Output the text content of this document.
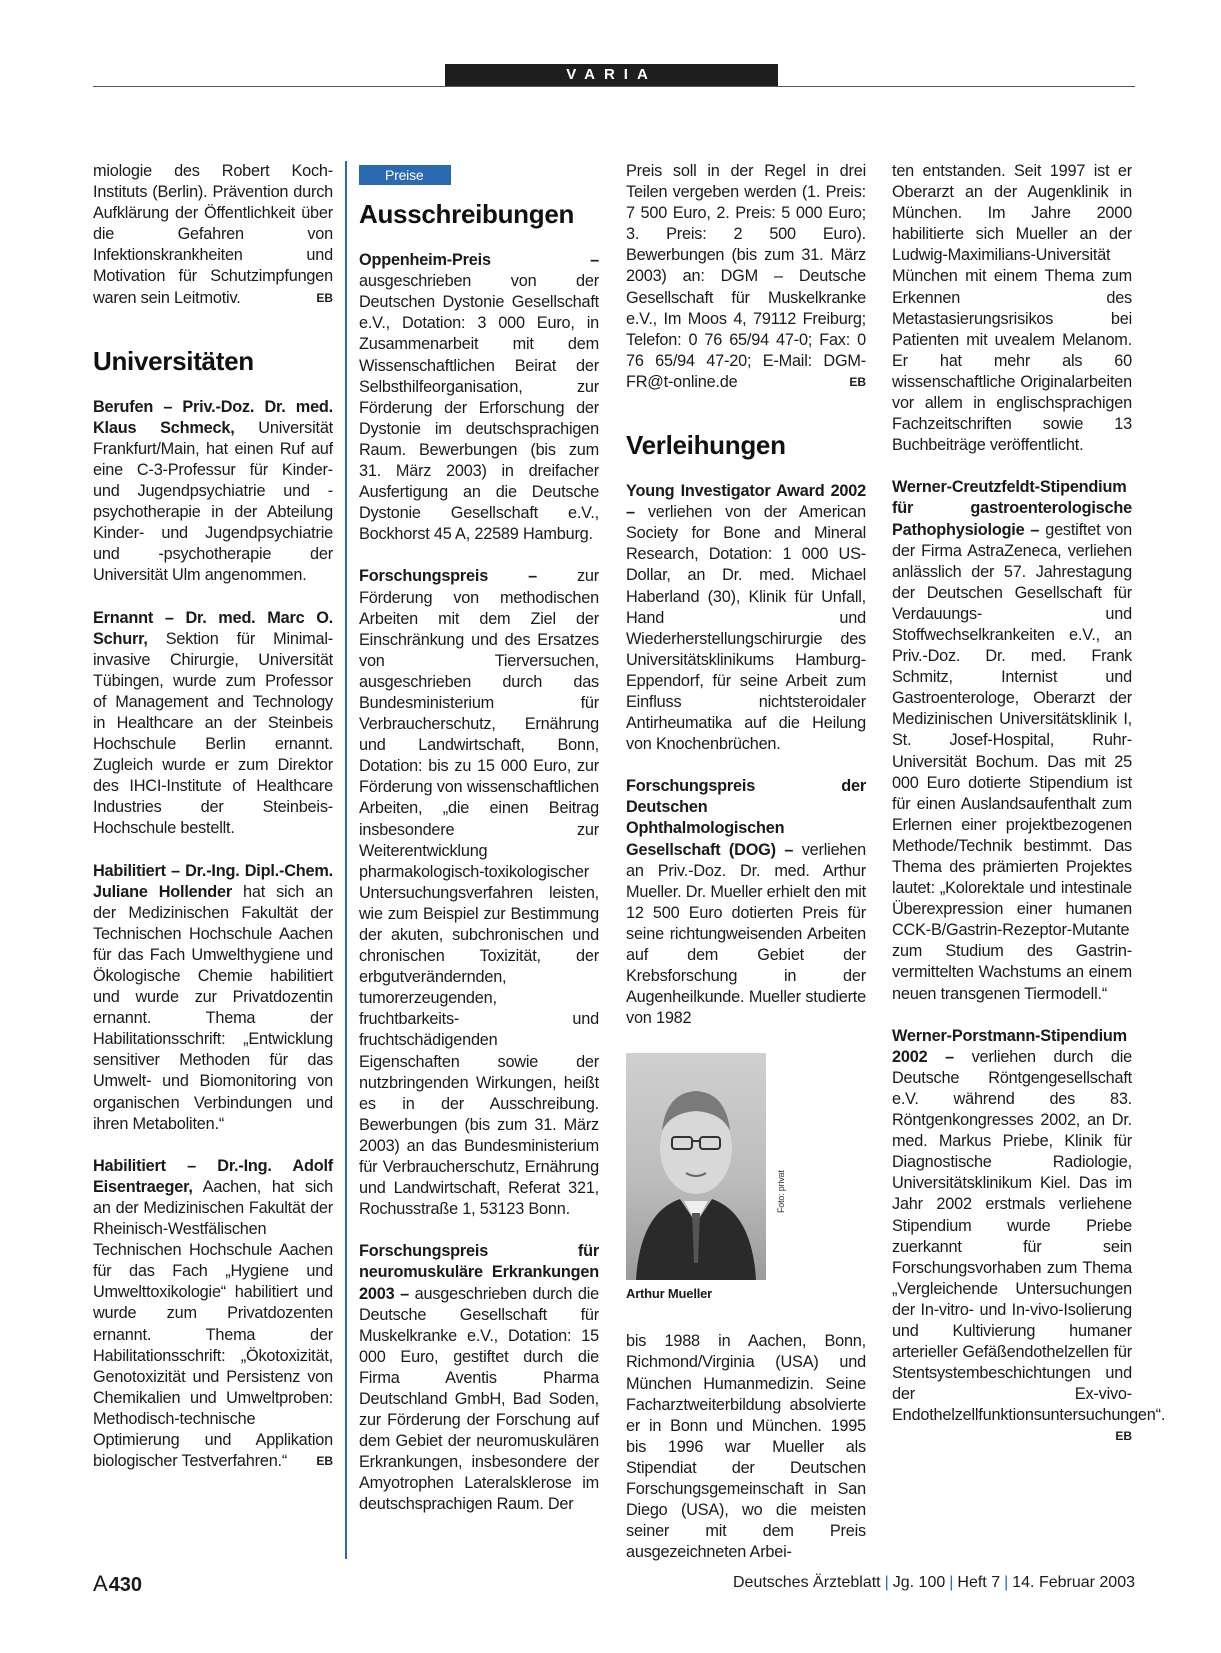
VARIA

miologie des Robert Koch-Instituts (Berlin). Prävention durch Aufklärung der Öffentlichkeit über die Gefahren von Infektionskrankheiten und Motivation für Schutzimpfungen waren sein Leitmotiv.	EB

Universitäten

Berufen – Priv.-Doz. Dr. med. Klaus Schmeck, Universität Frankfurt/Main, hat einen Ruf auf eine C-3-Professur für Kinder- und Jugendpsychiatrie und -psychotherapie in der Abteilung Kinder- und Jugendpsychiatrie und -psychotherapie der Universität Ulm angenommen.

Ernannt – Dr. med. Marc O. Schurr, Sektion für Minimal-invasive Chirurgie, Universität Tübingen, wurde zum Professor of Management and Technology in Healthcare an der Steinbeis Hochschule Berlin ernannt. Zugleich wurde er zum Direktor des IHCI-Institute of Healthcare Industries der Steinbeis-Hochschule bestellt.

Habilitiert – Dr.-Ing. Dipl.-Chem. Juliane Hollender hat sich an der Medizinischen Fakultät der Technischen Hochschule Aachen für das Fach Umwelthygiene und Ökologische Chemie habilitiert und wurde zur Privatdozentin ernannt. Thema der Habilitationsschrift: „Entwicklung sensitiver Methoden für das Umwelt- und Biomonitoring von organischen Verbindungen und ihren Metaboliten.“

Habilitiert – Dr.-Ing. Adolf Eisentraeger, Aachen, hat sich an der Medizinischen Fakultät der Rheinisch-Westfälischen Technischen Hochschule Aachen für das Fach „Hygiene und Umwelttoxikologie“ habilitiert und wurde zum Privatdozenten ernannt. Thema der Habilitationsschrift: „Ökotoxizität, Genotoxizität und Persistenz von Chemikalien und Umweltproben: Methodisch-technische Optimierung und Applikation biologischer Testverfahren.“ EB

Preise
Ausschreibungen

Oppenheim-Preis – ausgeschrieben von der Deutschen Dystonie Gesellschaft e.V., Dotation: 3 000 Euro, in Zusammenarbeit mit dem Wissenschaftlichen Beirat der Selbsthilfeorganisation, zur Förderung der Erforschung der Dystonie im deutschsprachigen Raum. Bewerbungen (bis zum 31. März 2003) in dreifacher Ausfertigung an die Deutsche Dystonie Gesellschaft e.V., Bockhorst 45 A, 22589 Hamburg.

Forschungspreis – zur Förderung von methodischen Arbeiten mit dem Ziel der Einschränkung und des Ersatzes von Tierversuchen, ausgeschrieben durch das Bundesministerium für Verbraucherschutz, Ernährung und Landwirtschaft, Bonn, Dotation: bis zu 15 000 Euro, zur Förderung von wissenschaftlichen Arbeiten, „die einen Beitrag insbesondere zur Weiterentwicklung pharmakologisch-toxikologischer Untersuchungsverfahren leisten, wie zum Beispiel zur Bestimmung der akuten, subchronischen und chronischen Toxizität, der erbgutverändernden, tumorerzeugenden, fruchtbarkeits- und fruchtschädigenden Eigenschaften sowie der nutzbringenden Wirkungen, heißt es in der Ausschreibung. Bewerbungen (bis zum 31. März 2003) an das Bundesministerium für Verbraucherschutz, Ernährung und Landwirtschaft, Referat 321, Rochusstraße 1, 53123 Bonn.

Forschungspreis für neuromuskuläre Erkrankungen 2003 – ausgeschrieben durch die Deutsche Gesellschaft für Muskelkranke e.V., Dotation: 15 000 Euro, gestiftet durch die Firma Aventis Pharma Deutschland GmbH, Bad Soden, zur Förderung der Forschung auf dem Gebiet der neuromuskulären Erkrankungen, insbesondere der Amyotrophen Lateralsklerose im deutschsprachigen Raum. Der

Preis soll in der Regel in drei Teilen vergeben werden (1. Preis: 7 500 Euro, 2. Preis: 5 000 Euro; 3. Preis: 2 500 Euro). Bewerbungen (bis zum 31. März 2003) an: DGM – Deutsche Gesellschaft für Muskelkranke e.V., Im Moos 4, 79112 Freiburg; Telefon: 0 76 65/94 47-0; Fax: 0 76 65/94 47-20; E-Mail: DGM-FR@t-online.de	EB

Verleihungen

Young Investigator Award 2002 – verliehen von der American Society for Bone and Mineral Research, Dotation: 1 000 US-Dollar, an Dr. med. Michael Haberland (30), Klinik für Unfall, Hand und Wiederherstellungschirurgie des Universitätsklinikums Hamburg-Eppendorf, für seine Arbeit zum Einfluss nichtsteroidaler Antirheumatika auf die Heilung von Knochenbrüchen.

Forschungspreis der Deutschen Ophthalmologischen Gesellschaft (DOG) – verliehen an Priv.-Doz. Dr. med. Arthur Mueller. Dr. Mueller erhielt den mit 12 500 Euro dotierten Preis für seine richtungweisenden Arbeiten auf dem Gebiet der Krebsforschung in der Augenheilkunde. Mueller studierte von 1982

Foto: privat
Arthur Mueller

bis 1988 in Aachen, Bonn, Richmond/Virginia (USA) und München Humanmedizin. Seine Facharztweiterbildung absolvierte er in Bonn und München. 1995 bis 1996 war Mueller als Stipendiat der Deutschen Forschungsgemeinschaft in San Diego (USA), wo die meisten seiner mit dem Preis ausgezeichneten Arbei-

ten entstanden. Seit 1997 ist er Oberarzt an der Augenklinik in München. Im Jahre 2000 habilitierte sich Mueller an der Ludwig-Maximilians-Universität München mit einem Thema zum Erkennen des Metastasierungsrisikos bei Patienten mit uvealem Melanom. Er hat mehr als 60 wissenschaftliche Originalarbeiten vor allem in englischsprachigen Fachzeitschriften sowie 13 Buchbeiträge veröffentlicht.

Werner-Creutzfeldt-Stipendium für gastroenterologische Pathophysiologie – gestiftet von der Firma AstraZeneca, verliehen anlässlich der 57. Jahrestagung der Deutschen Gesellschaft für Verdauungs- und Stoffwechselkrankeiten e.V., an Priv.-Doz. Dr. med. Frank Schmitz, Internist und Gastroenterologe, Oberarzt der Medizinischen Universitätsklinik I, St. Josef-Hospital, Ruhr-Universität Bochum. Das mit 25 000 Euro dotierte Stipendium ist für einen Auslandsaufenthalt zum Erlernen einer projektbezogenen Methode/Technik bestimmt. Das Thema des prämierten Projektes lautet: „Kolorektale und intestinale Überexpression einer humanen CCK-B/Gastrin-Rezeptor-Mutante zum Studium des Gastrin-vermittelten Wachstums an einem neuen transgenen Tiermodell.“

Werner-Porstmann-Stipendium 2002 – verliehen durch die Deutsche Röntgengesellschaft e.V. während des 83. Röntgenkongresses 2002, an Dr. med. Markus Priebe, Klinik für Diagnostische Radiologie, Universitätsklinikum Kiel. Das im Jahr 2002 erstmals verliehene Stipendium wurde Priebe zuerkannt für sein Forschungsvorhaben zum Thema „Vergleichende Untersuchungen der In-vitro- und In-vivo-Isolierung und Kultivierung humaner arterieller Gefäßendothelzellen für Stentsystembeschichtungen und der Ex-vivo-Endothelzellfunktionsuntersuchungen“.
EB

A430	Deutsches Ärzteblatt | Jg. 100 | Heft 7 | 14. Februar 2003
